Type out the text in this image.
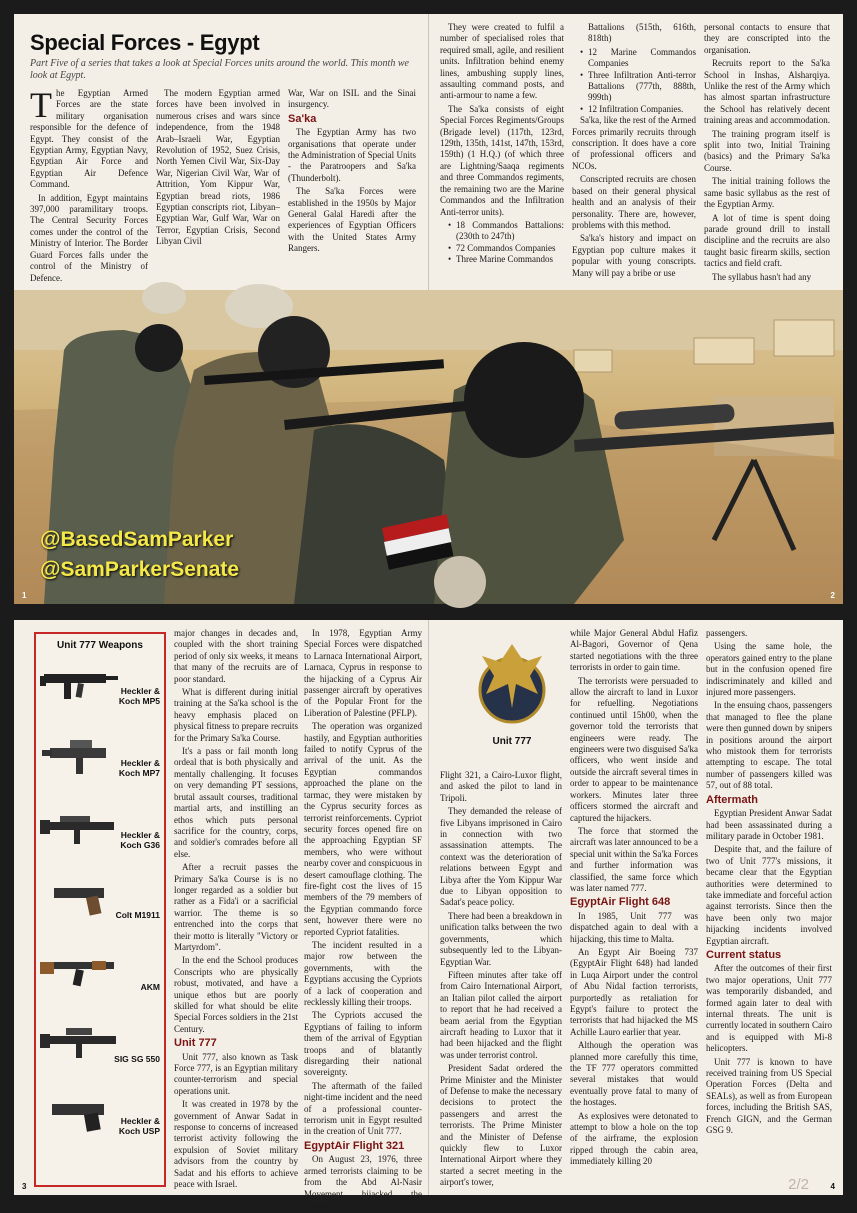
Special Forces - Egypt
Part Five of a series that takes a look at Special Forces units around the world. This month we look at Egypt.

The Egyptian Armed Forces are the state military organisation responsible for the defence of Egypt. They consist of the Egyptian Army, Egyptian Navy, Egyptian Air Force and Egyptian Air Defence Command.

In addition, Egypt maintains 397,000 paramilitary troops. The Central Security Forces comes under the control of the Ministry of Interior. The Border Guard Forces falls under the control of the Ministry of Defence.

The modern Egyptian armed forces have been involved in numerous crises and wars since independence, from the 1948 Arab–Israeli War, Egyptian Revolution of 1952, Suez Crisis, North Yemen Civil War, Six-Day War, Nigerian Civil War, War of Attrition, Yom Kippur War, Egyptian bread riots, 1986 Egyptian conscripts riot, Libyan–Egyptian War, Gulf War, War on Terror, Egyptian Crisis, Second Libyan Civil

War, War on ISIL and the Sinai insurgency.

Sa'ka

The Egyptian Army has two organisations that operate under the Administration of Special Units - the Paratroopers and Sa'ka (Thunderbolt).

The Sa'ka Forces were established in the 1950s by Major General Galal Haredi after the experiences of Egyptian Officers with the United States Army Rangers.

They were created to fulfil a number of specialised roles that required small, agile, and resilient units. Infiltration behind enemy lines, ambushing supply lines, assaulting command posts, and anti-armour to name a few.

The Sa'ka consists of eight Special Forces Regiments/Groups (Brigade level) (117th, 123rd, 129th, 135th, 141st, 147th, 153rd, 159th) (1 H.Q.) (of which three are Lightning/Saaqa regiments and three Commandos regiments, the remaining two are the Marine Commandos and the Infiltration Anti-terror units).

• 18 Commandos Battalions: (230th to 247th)
• 72 Commandos Companies
• Three Marine Commandos

Battalions (515th, 616th, 818th)

• 12 Marine Commandos Companies
• Three Infiltration Anti-terror Battalions (777th, 888th, 999th)
• 12 Infiltration Companies.

Sa'ka, like the rest of the Armed Forces primarily recruits through conscription. It does have a core of professional officers and NCOs.

Conscripted recruits are chosen based on their general physical health and an analysis of their personality. There are, however, problems with this method.

Sa'ka's history and impact on Egyptian pop culture makes it popular with young conscripts. Many will pay a bribe or use

personal contacts to ensure that they are conscripted into the organisation.

Recruits report to the Sa'ka School in Inshas, Alsharqiya. Unlike the rest of the Army which has almost spartan infrastructure the School has relatively decent training areas and accommodation.

The training program itself is split into two, Initial Training (basics) and the Primary Sa'ka Course.

The initial training follows the same basic syllabus as the rest of the Egyptian Army.

A lot of time is spent doing parade ground drill to install discipline and the recruits are also taught basic firearm skills, section tactics and field craft.

The syllabus hasn't had any

@BasedSamParker
@SamParkerSenate
1	2
Unit 777 Weapons
Heckler & Koch MP5
Heckler & Koch MP7
Heckler & Koch G36
Colt M1911
AKM
SIG SG 550
Heckler & Koch USP

major changes in decades and, coupled with the short training period of only six weeks, it means that many of the recruits are of poor standard.

What is different during initial training at the Sa'ka school is the heavy emphasis placed on physical fitness to prepare recruits for the Primary Sa'ka Course.

It's a pass or fail month long ordeal that is both physically and mentally challenging. It focuses on very demanding PT sessions, brutal assault courses, traditional martial arts, and instilling an ethos which puts personal sacrifice for the country, corps, and soldier's comrades before all else.

After a recruit passes the Primary Sa'ka Course is is no longer regarded as a soldier but rather as a Fida'i or a sacrificial warrior. The theme is so entrenched into the corps that their motto is literally "Victory or Martyrdom".

In the end the School produces Conscripts who are physically robust, motivated, and have a unique ethos but are poorly skilled for what should be elite Special Forces soldiers in the 21st Century.

Unit 777

Unit 777, also known as Task Force 777, is an Egyptian military counter-terrorism and special operations unit.

It was created in 1978 by the government of Anwar Sadat in response to concerns of increased terrorist activity following the expulsion of Soviet military advisors from the country by Sadat and his efforts to achieve peace with Israel.

In 1978, Egyptian Army Special Forces were dispatched to Larnaca International Airport, Larnaca, Cyprus in response to the hijacking of a Cyprus Air passenger aircraft by operatives of the Popular Front for the Liberation of Palestine (PFLP).

The operation was organized hastily, and Egyptian authorities failed to notify Cyprus of the arrival of the unit. As the Egyptian commandos approached the plane on the tarmac, they were mistaken by the Cyprus security forces as terrorist reinforcements. Cypriot security forces opened fire on the approaching Egyptian SF members, who were without nearby cover and conspicuous in desert camouflage clothing. The fire-fight cost the lives of 15 members of the 79 members of the Egyptian commando force sent, however there were no reported Cypriot fatalities.

The incident resulted in a major row between the governments, with the Egyptians accusing the Cypriots of a lack of cooperation and recklessly killing their troops.

The Cypriots accused the Egyptians of failing to inform them of the arrival of Egyptian troops and of blatantly disregarding their national sovereignty.

The aftermath of the failed night-time incident and the need of a professional counter-terrorism unit in Egypt resulted in the creation of Unit 777.

EgyptAir Flight 321

On August 23, 1976, three armed terrorists claiming to be from the Abd Al-Nasir Movement hijacked the EgyptAir

Unit 777

Flight 321, a Cairo-Luxor flight, and asked the pilot to land in Tripoli.

They demanded the release of five Libyans imprisoned in Cairo in connection with two assassination attempts. The context was the deterioration of relations between Egypt and Libya after the Yom Kippur War due to Libyan opposition to Sadat's peace policy.

There had been a breakdown in unification talks between the two governments, which subsequently led to the Libyan-Egyptian War.

Fifteen minutes after take off from Cairo International Airport, an Italian pilot called the airport to report that he had received a beam aerial from the Egyptian aircraft heading to Luxor that it had been hijacked and the flight was under terrorist control.

President Sadat ordered the Prime Minister and the Minister of Defense to make the necessary decisions to protect the passengers and arrest the terrorists. The Prime Minister and the Minister of Defense quickly flew to Luxor International Airport where they started a secret meeting in the airport's tower,

while Major General Abdul Hafiz Al-Bagori, Governor of Qena started negotiations with the three terrorists in order to gain time.

The terrorists were persuaded to allow the aircraft to land in Luxor for refuelling. Negotiations continued until 15h00, when the governor told the terrorists that engineers were ready. The engineers were two disguised Sa'ka officers, who went inside and outside the aircraft several times in order to appear to be maintenance workers. Minutes later three officers stormed the aircraft and captured the hijackers.

The force that stormed the aircraft was later announced to be a special unit within the Sa'ka Forces and further information was classified, the same force which was later named 777.

EgyptAir Flight 648

In 1985, Unit 777 was dispatched again to deal with a hijacking, this time to Malta.

An Egypt Air Boeing 737 (EgyptAir Flight 648) had landed in Luqa Airport under the control of Abu Nidal faction terrorists, purportedly as retaliation for Egypt's failure to protect the terrorists that had hijacked the MS Achille Lauro earlier that year.

Although the operation was planned more carefully this time, the TF 777 operators committed several mistakes that would eventually prove fatal to many of the hostages.

As explosives were detonated to attempt to blow a hole on the top of the airframe, the explosion ripped through the cabin area, immediately killing 20

passengers.

Using the same hole, the operators gained entry to the plane but in the confusion opened fire indiscriminately and killed and injured more passengers.

In the ensuing chaos, passengers that managed to flee the plane were then gunned down by snipers in positions around the airport who mistook them for terrorists attempting to escape. The total number of passengers killed was 57, out of 88 total.

Aftermath

Egyptian President Anwar Sadat had been assassinated during a military parade in October 1981.

Despite that, and the failure of two of Unit 777's missions, it became clear that the Egyptian authorities were determined to take immediate and forceful action against terrorists. Since then the have been only two major hijacking incidents involved Egyptian aircraft.

Current status

After the outcomes of their first two major operations, Unit 777 was temporarily disbanded, and formed again later to deal with internal threats. The unit is currently located in southern Cairo and is equipped with Mi-8 helicopters.

Unit 777 is known to have received training from US Special Operation Forces (Delta and SEALs), as well as from European forces, including the British SAS, French GIGN, and the German GSG 9.

3	4
2/2
